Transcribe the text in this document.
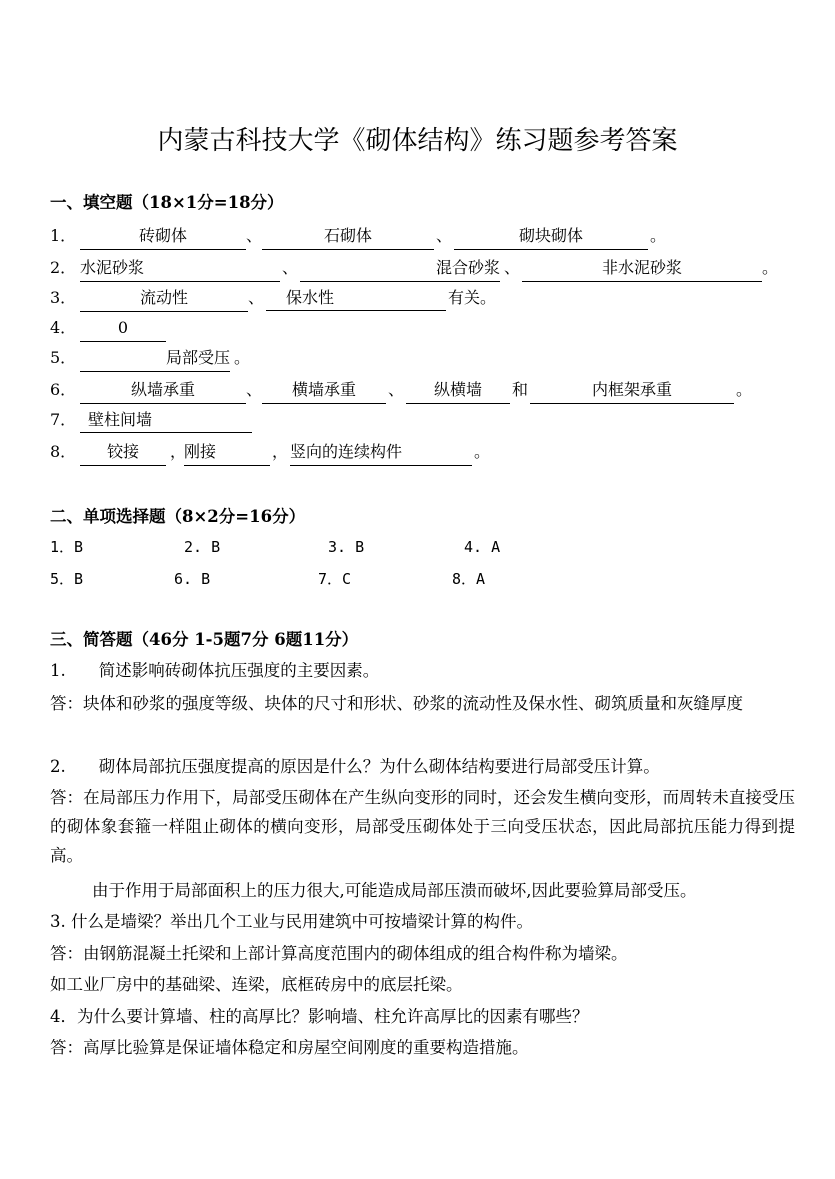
内蒙古科技大学《砌体结构》练习题参考答案
一、填空题（18×1分=18分）
1．	砖砌体	、	石砌体	、	砌块砌体	。
2． 水泥砂浆	、	混合砂浆 、	非水泥砂浆	。
3．	流动性	、	保水性	有关。
4．	0
5．	局部受压 。
6．	纵墙承重	、	横墙承重	、	纵横墙	和	内框架承重	。
7． 壁柱间墙
8．	铰接	，
刚接	， 竖向的连续构件	。
二、单项选择题（8×2分=16分）
1．B	2. B	3. B	4. A
5．B	6. B	7．C	8．A
三、简答题（46分 1-5题7分 6题11分）
1.　　简述影响砖砌体抗压强度的主要因素。
答：块体和砂浆的强度等级、块体的尺寸和形状、砂浆的流动性及保水性、砌筑质量和灰缝厚度
2.　　砌体局部抗压强度提高的原因是什么？为什么砌体结构要进行局部受压计算。
答：在局部压力作用下，局部受压砌体在产生纵向变形的同时，还会发生横向变形，而周转未直接受压的砌体象套箍一样阻止砌体的横向变形，局部受压砌体处于三向受压状态，因此局部抗压能力得到提高。
由于作用于局部面积上的压力很大,可能造成局部压溃而破坏,因此要验算局部受压。
3. 什么是墙梁？举出几个工业与民用建筑中可按墙梁计算的构件。
答：由钢筋混凝土托梁和上部计算高度范围内的砌体组成的组合构件称为墙梁。
如工业厂房中的基础梁、连梁，底框砖房中的底层托梁。
4．为什么要计算墙、柱的高厚比？影响墙、柱允许高厚比的因素有哪些？
答：高厚比验算是保证墙体稳定和房屋空间刚度的重要构造措施。
